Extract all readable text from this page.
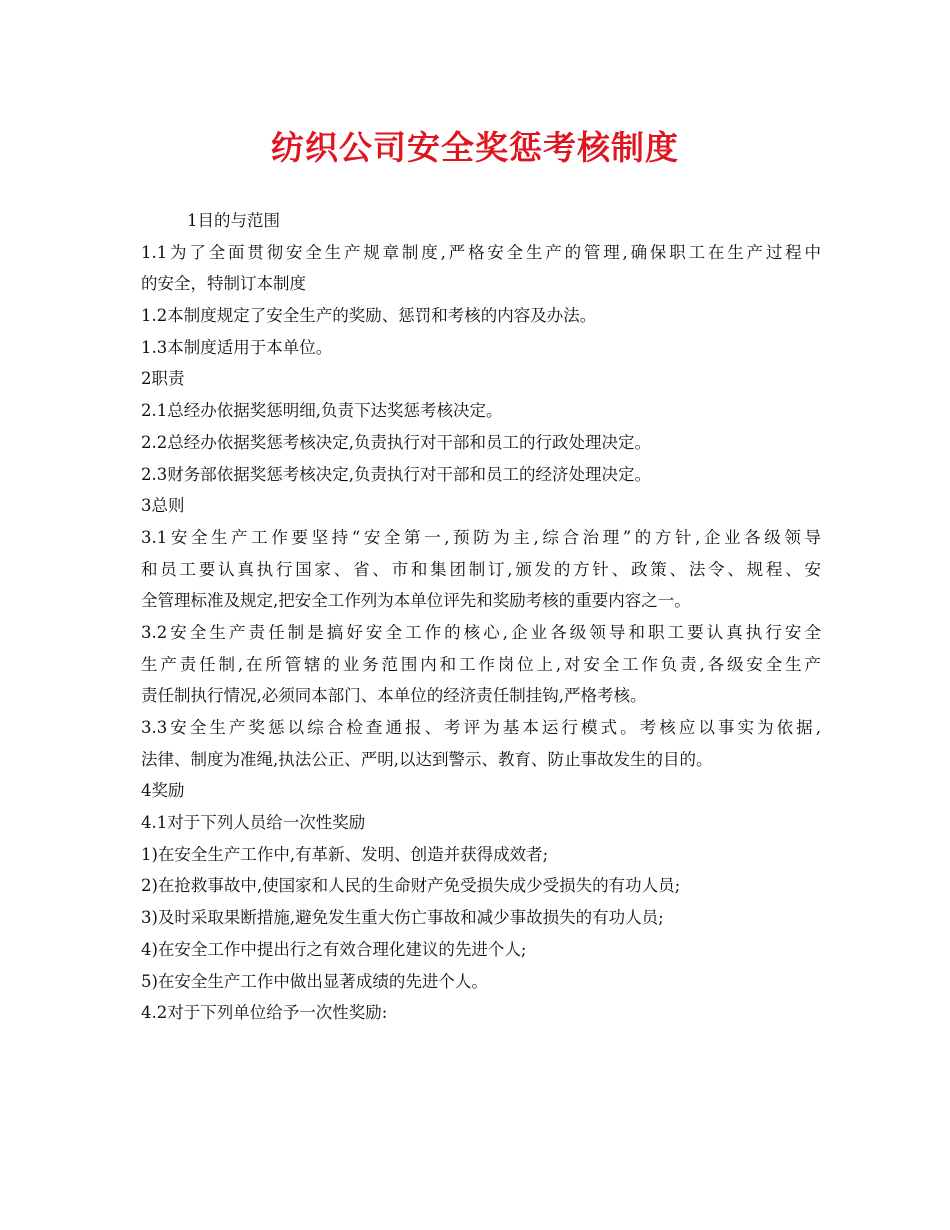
纺织公司安全奖惩考核制度
1目的与范围
1.1为了全面贯彻安全生产规章制度,严格安全生产的管理,确保职工在生产过程中
的安全，特制订本制度
1.2本制度规定了安全生产的奖励、惩罚和考核的内容及办法。
1.3本制度适用于本单位。
2职责
2.1总经办依据奖惩明细,负责下达奖惩考核决定。
2.2总经办依据奖惩考核决定,负责执行对干部和员工的行政处理决定。
2.3财务部依据奖惩考核决定,负责执行对干部和员工的经济处理决定。
3总则
3.1安全生产工作要坚持“安全第一,预防为主,综合治理”的方针,企业各级领导
和员工要认真执行国家、省、市和集团制订,颁发的方针、政策、法令、规程、安
全管理标准及规定,把安全工作列为本单位评先和奖励考核的重要内容之一。
3.2安全生产责任制是搞好安全工作的核心,企业各级领导和职工要认真执行安全
生产责任制,在所管辖的业务范围内和工作岗位上,对安全工作负责,各级安全生产
责任制执行情况,必须同本部门、本单位的经济责任制挂钩,严格考核。
3.3安全生产奖惩以综合检查通报、考评为基本运行模式。考核应以事实为依据,
法律、制度为准绳,执法公正、严明,以达到警示、教育、防止事故发生的目的。
4奖励
4.1对于下列人员给一次性奖励
1)在安全生产工作中,有革新、发明、创造并获得成效者;
2)在抢救事故中,使国家和人民的生命财产免受损失成少受损失的有功人员;
3)及时采取果断措施,避免发生重大伤亡事故和减少事故损失的有功人员;
4)在安全工作中提出行之有效合理化建议的先进个人;
5)在安全生产工作中做出显著成绩的先进个人。
4.2对于下列单位给予一次性奖励:
